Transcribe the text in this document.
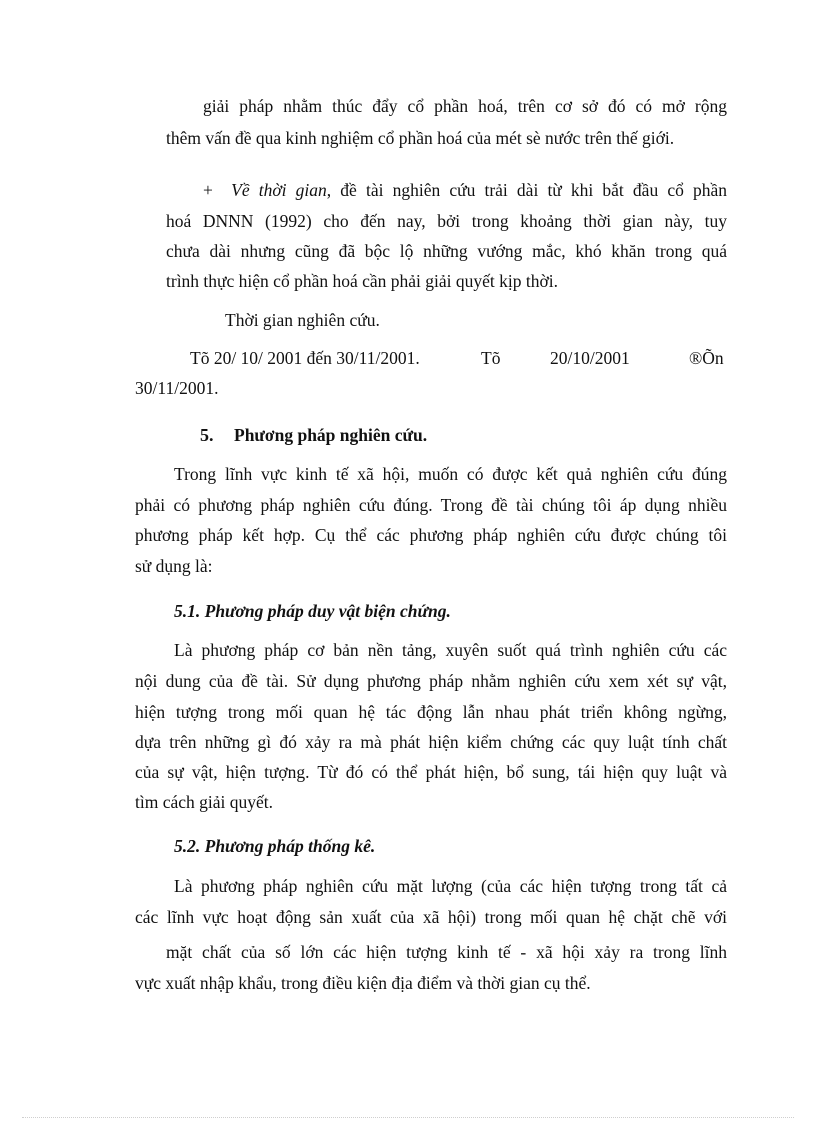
giải pháp nhằm thúc đẩy cổ phần hoá, trên cơ sở đó có mở rộng
thêm vấn đề qua kinh nghiệm cổ phần hoá của mét sè nước trên thế giới.
+ Về thời gian, đề tài nghiên cứu trải dài từ khi bắt đầu cổ phần
hoá DNNN (1992) cho đến nay, bởi trong khoảng thời gian này, tuy
chưa dài nhưng cũng đã bộc lộ những vướng mắc, khó khăn trong quá
trình thực hiện cổ phần hoá cần phải giải quyết kịp thời.
Thời gian nghiên cứu.
Tõ 20/ 10/ 2001 đến 30/11/2001.	Tõ	20/10/2001	®Õn
30/11/2001.
5. Phương pháp nghiên cứu.
Trong lĩnh vực kinh tế xã hội, muốn có được kết quả nghiên cứu đúng
phải có phương pháp nghiên cứu đúng. Trong đề tài chúng tôi áp dụng nhiều
phương pháp kết hợp. Cụ thể các phương pháp nghiên cứu được chúng tôi
sử dụng là:
5.1. Phương pháp duy vật biện chứng.
Là phương pháp cơ bản nền tảng, xuyên suốt quá trình nghiên cứu các
nội dung của đề tài. Sử dụng phương pháp nhằm nghiên cứu xem xét sự vật,
hiện tượng trong mối quan hệ tác động lẫn nhau phát triển không ngừng,
dựa trên những gì đó xảy ra mà phát hiện kiểm chứng các quy luật tính chất
của sự vật, hiện tượng. Từ đó có thể phát hiện, bổ sung, tái hiện quy luật và
tìm cách giải quyết.
5.2. Phương pháp thống kê.
Là phương pháp nghiên cứu mặt lượng (của các hiện tượng trong tất cả
các lĩnh vực hoạt động sản xuất của xã hội) trong mối quan hệ chặt chẽ với
mặt chất của số lớn các hiện tượng kinh tế - xã hội xảy ra trong lĩnh
vực xuất nhập khẩu, trong điều kiện địa điểm và thời gian cụ thể.
